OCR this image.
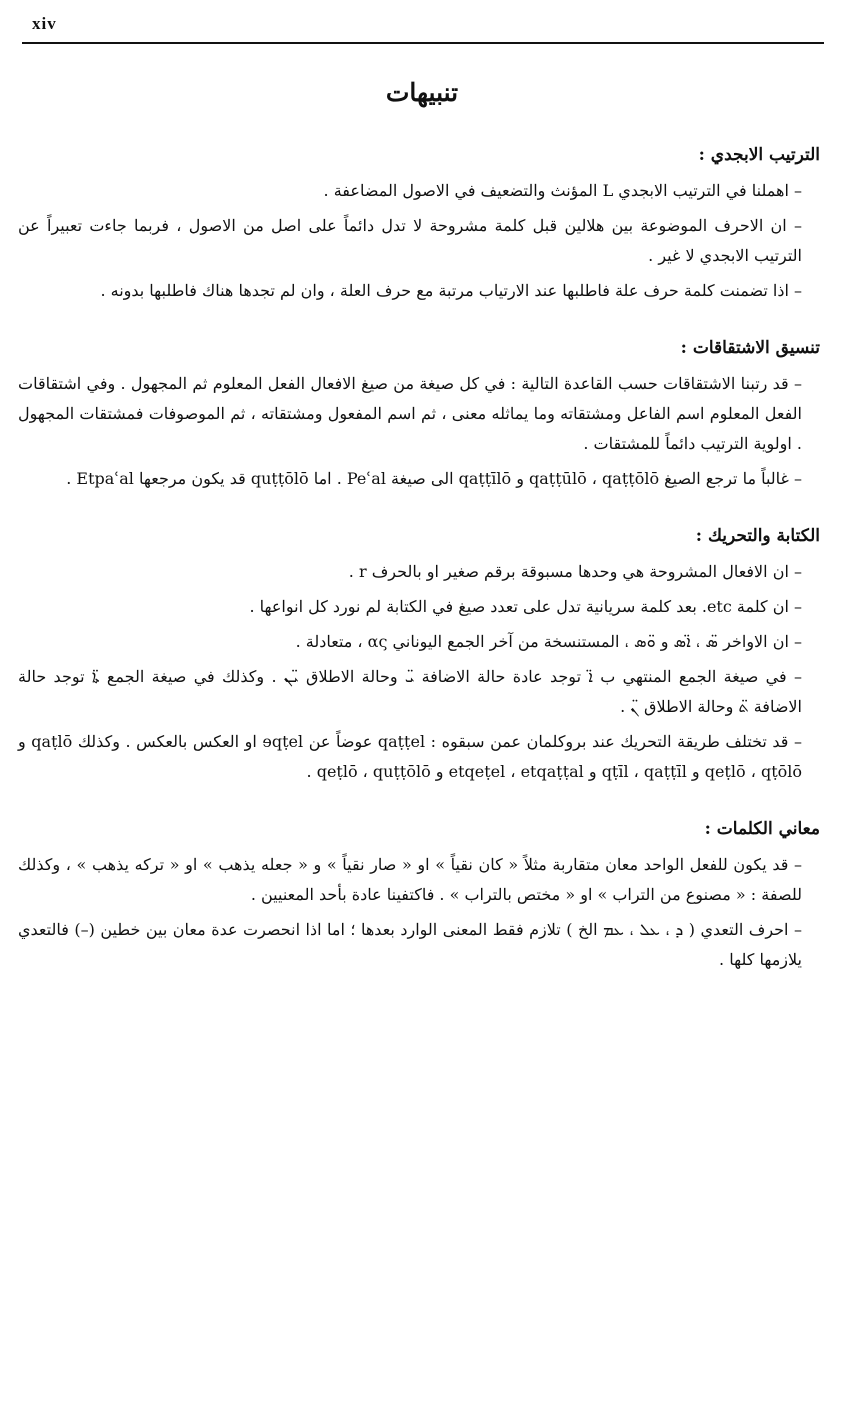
xiv
تنبيهات
الترتيب الابجدي :

– اهملنا في الترتيب الابجدي L المؤنث والتضعيف في الاصول المضاعفة .

– ان الاحرف الموضوعة بين هلالين قبل كلمة مشروحة لا تدل دائماً على اصل من الاصول ، فربما جاءت تعبيراً عن الترتيب الابجدي لا غير .

– اذا تضمنت كلمة حرف علة فاطلبها عند الارتياب مرتبة مع حرف العلة ، وان لم تجدها هناك فاطلبها بدونه .

تنسيق الاشتقاقات :

– قد رتبنا الاشتقاقات حسب القاعدة التالية : في كل صيغة من صيغ الافعال الفعل المعلوم ثم المجهول . وفي اشتقاقات الفعل المعلوم اسم الفاعل ومشتقاته وما يماثله معنى ، ثم اسم المفعول ومشتقاته ، ثم الموصوفات فمشتقات المجهول . اولوية الترتيب دائماً للمشتقات .

– غالباً ما ترجع الصيغ qaṭṭūlō ، qaṭṭōlō و qaṭṭīlō الى صيغة Peʿal . اما quṭṭōlō قد يكون مرجعها Etpaʿal .

الكتابة والتحريك :

– ان الافعال المشروحة هي وحدها مسبوقة برقم صغير او بالحرف r .

– ان كلمة etc. بعد كلمة سريانية تدل على تعدد صيغ في الكتابة لم نورد كل انواعها .

– ان الاواخر ̈ܣ ، ̈ܐܣ و ̈ܘܣ ، المستنسخة من آخر الجمع اليوناني ας ، متعادلة .

– في صيغة الجمع المنتهي ب ̈ܐ توجد عادة حالة الاضافة ̈ܝ وحالة الاطلاق ̈ܝܢ . وكذلك في صيغة الجمع ̈ܬܐ توجد حالة الاضافة ̈ܬ وحالة الاطلاق ̈ܢ .

– قد تختلف طريقة التحريك عند بروكلمان عمن سبقوه : qaṭṭel عوضاً عن ɘqṭel او العكس بالعكس . وكذلك qaṭlō و qeṭlō ، qṭōlō و qṭīl ، qaṭṭīl و etqeṭel ، etqaṭṭal و qeṭlō ، quṭṭōlō .

معاني الكلمات :

– قد يكون للفعل الواحد معان متقاربة مثلاً « كان نقياً » او « صار نقياً » و « جعله يذهب » او « تركه يذهب » ، وكذلك للصفة : « مصنوع من التراب » او « مختص بالتراب » . فاكتفينا عادة بأحد المعنيين .

– احرف التعدي ( ܕ ، ܥܠ ، ܥܡ الخ ) تلازم فقط المعنى الوارد بعدها ؛ اما اذا انحصرت عدة معان بين خطين (–) فالتعدي يلازمها كلها .
